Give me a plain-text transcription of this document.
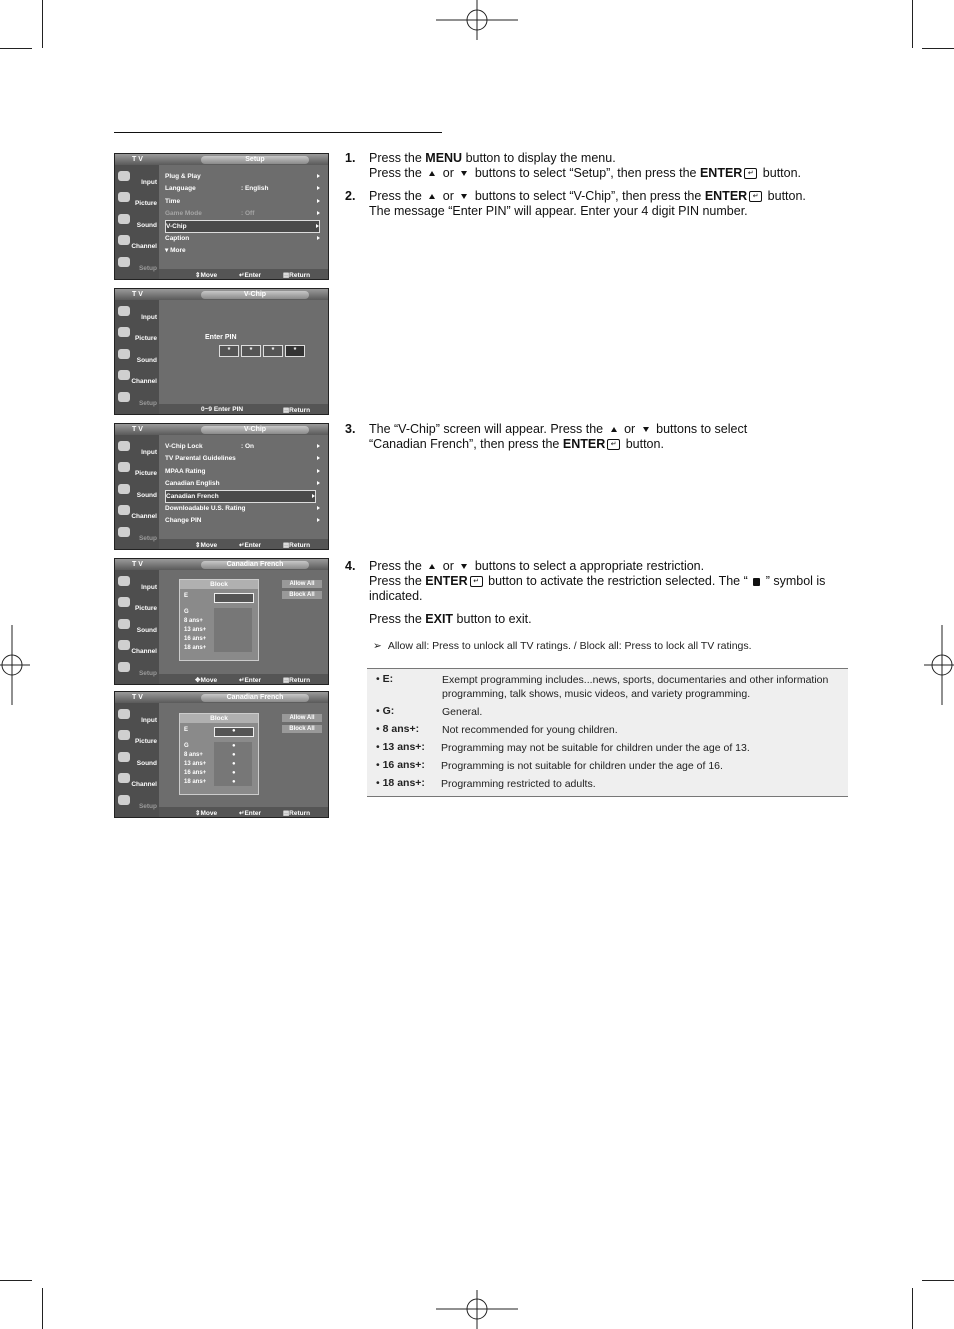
T V	Setup
Input
Picture
Sound
Channel
Setup
Plug & Play
Language	: English
Time
Game Mode	: Off
V-Chip
Caption
▾ More
⇕Move	↵Enter	▤Return
T V	V-Chip
Input
Picture
Sound
Channel
Setup
Enter PIN
*	*	*	*
0~9 Enter PIN	▤Return
T V	V-Chip
Input
Picture
Sound
Channel
Setup
V-Chip Lock	: On
TV Parental Guidelines
MPAA Rating
Canadian English
Canadian French
Downloadable U.S. Rating
Change PIN
⇕Move	↵Enter	▤Return
T V	Canadian French
Input
Picture
Sound
Channel
Setup
Block
E
G
8 ans+
13 ans+
16 ans+
18 ans+
Allow All
Block All
✥Move	↵Enter	▤Return
T V	Canadian French
Input
Picture
Sound
Channel
Setup
Block
E	●
G	●
8 ans+	●
13 ans+	●
16 ans+	●
18 ans+	●
Allow All
Block All
⇕Move	↵Enter	▤Return
1. Press the MENU button to display the menu.
Press the  or  buttons to select “Setup”, then press the ENTER ↵ button.
2. Press the  or  buttons to select “V-Chip”, then press the ENTER ↵ button.
The message “Enter PIN” will appear. Enter your 4 digit PIN number.
3. The “V-Chip” screen will appear. Press the  or  buttons to select
“Canadian French”, then press the ENTER ↵ button.
4. Press the  or  buttons to select a appropriate restriction.
Press the ENTER ↵ button to activate the restriction selected. The “  ” symbol is
indicated.
Press the EXIT button to exit.
➢ Allow all: Press to unlock all TV ratings. / Block all: Press to lock all TV ratings.
• E:	Exempt programming includes...news, sports, documentaries and other information programming, talk shows, music videos, and variety programming.
• G:	General.
• 8 ans+: Not recommended for young children.
• 13 ans+: Programming may not be suitable for children under the age of 13.
• 16 ans+: Programming is not suitable for children under the age of 16.
• 18 ans+: Programming restricted to adults.
